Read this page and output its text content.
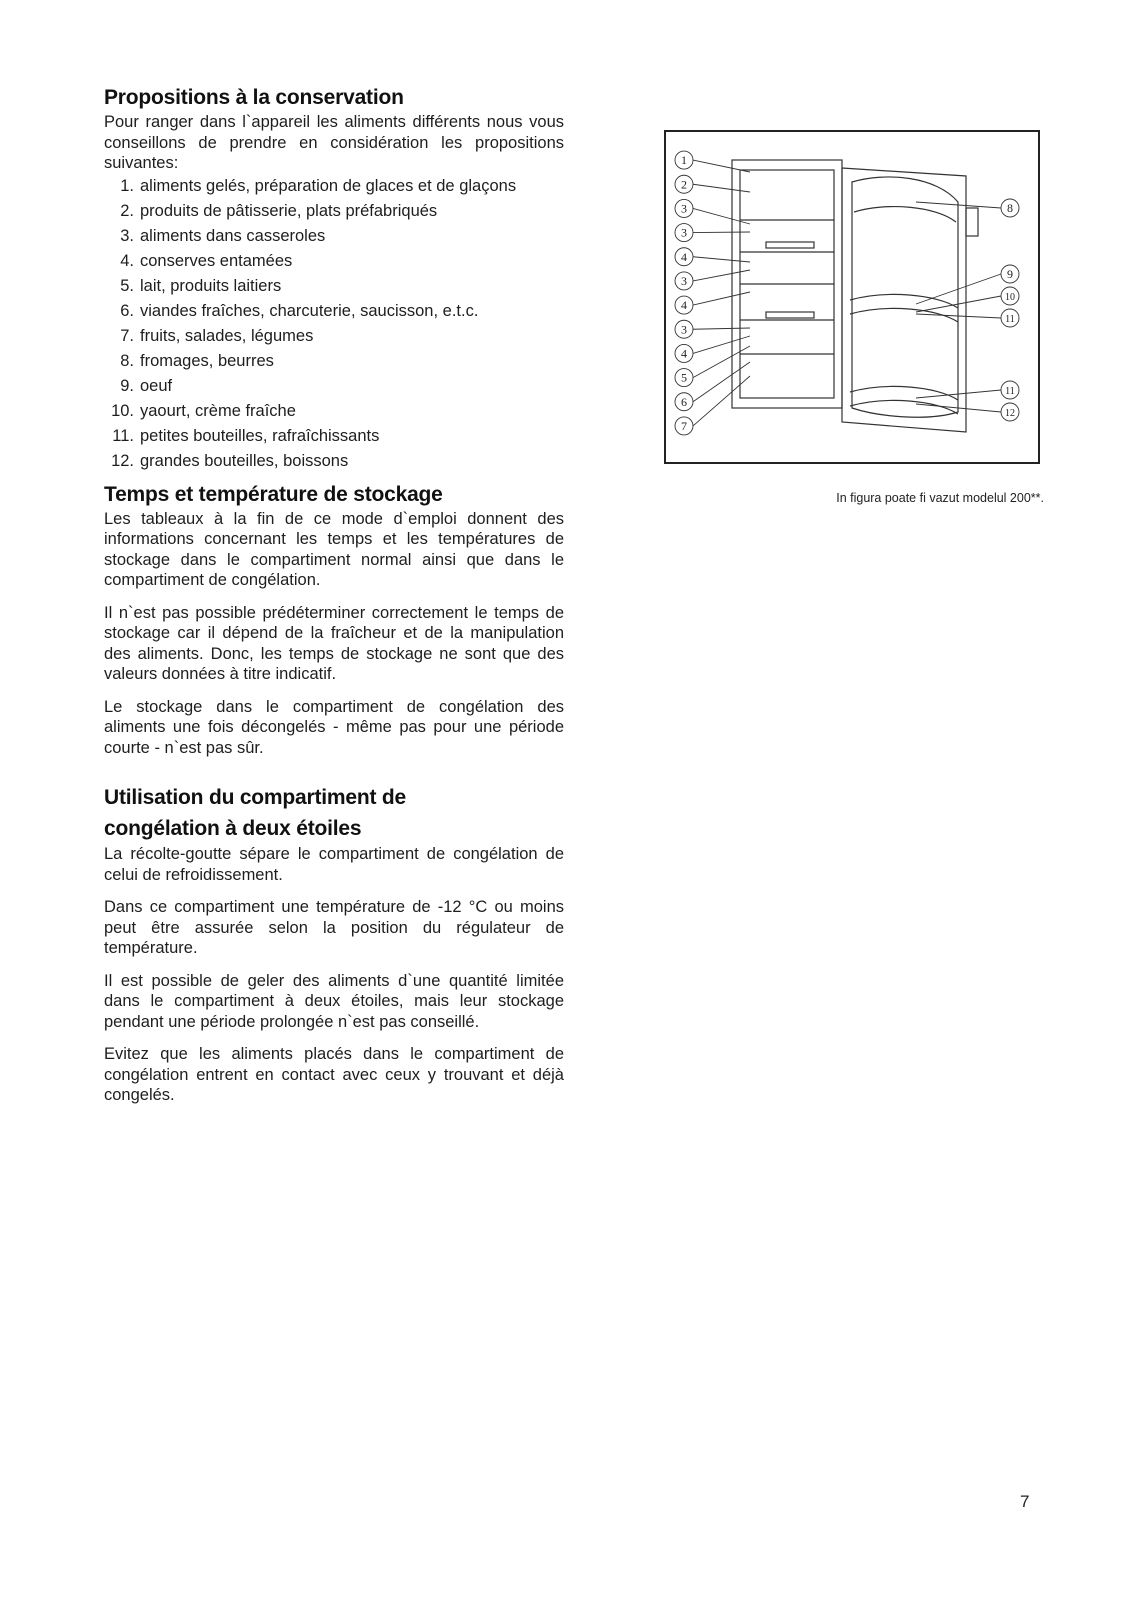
Propositions à la conservation

Pour ranger dans l`appareil les aliments différents nous vous conseillons de prendre en considération les propositions suivantes:

1. aliments gelés, préparation de glaces et de glaçons
2. produits de pâtisserie, plats préfabriqués
3. aliments dans casseroles
4. conserves entamées
5. lait, produits laitiers
6. viandes fraîches, charcuterie, saucisson, e.t.c.
7. fruits, salades, légumes
8. fromages, beurres
9. oeuf
10. yaourt, crème fraîche
11. petites bouteilles, rafraîchissants
12. grandes bouteilles, boissons
Temps et température de stockage

Les tableaux à la fin de ce mode d`emploi donnent des informations concernant les temps et les températures de stockage dans le compartiment normal ainsi que dans le compartiment de congélation.

Il n`est pas possible prédéterminer correctement le temps de stockage car il dépend de la fraîcheur et de la manipulation des aliments. Donc, les temps de stockage ne sont que des valeurs données à titre indicatif.

Le stockage dans le compartiment de congélation des aliments une fois décongelés - même pas pour une période courte - n`est pas sûr.

Utilisation du compartiment de
congélation à deux étoiles

La récolte-goutte sépare le compartiment de congélation de celui de refroidissement.

Dans ce compartiment une température de -12 °C ou moins peut être assurée selon la position du régulateur de température.

Il est possible de geler des aliments d`une quantité limitée dans le compartiment à deux étoiles, mais leur stockage pendant une période prolongée n`est pas conseillé.

Evitez que les aliments placés dans le compartiment de congélation entrent en contact avec ceux y trouvant et déjà congelés.

1
2
3
3
4
3
4
3
4
5
6
7
8
9
10
11
11
12
In figura poate fi vazut modelul 200**.
7
